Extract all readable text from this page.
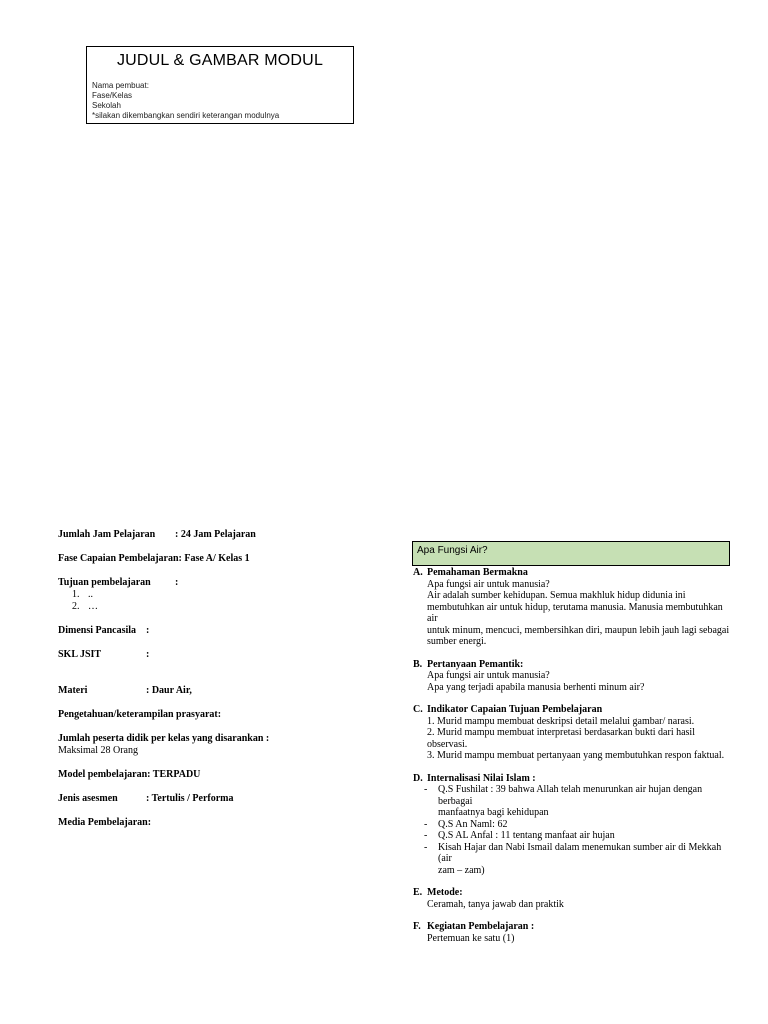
JUDUL & GAMBAR MODUL
Nama pembuat:
Fase/Kelas
Sekolah
*silakan dikembangkan sendiri keterangan modulnya
Jumlah Jam Pelajaran : 24 Jam Pelajaran
Fase Capaian Pembelajaran: Fase A/ Kelas 1
Tujuan pembelajaran :
1. ..
2. …
Dimensi Pancasila :
SKL JSIT	:
Materi	: Daur Air,
Pengetahuan/keterampilan prasyarat:
Jumlah peserta didik per kelas yang disarankan :
Maksimal 28 Orang
Model pembelajaran: TERPADU
Jenis asesmen	: Tertulis / Performa
Media Pembelajaran:
Apa Fungsi Air?
A. Pemahaman Bermakna
Apa fungsi air untuk manusia?
Air adalah sumber kehidupan. Semua makhluk hidup didunia ini
membutuhkan air untuk hidup, terutama manusia. Manusia membutuhkan air
untuk minum, mencuci, membersihkan diri, maupun lebih jauh lagi sebagai
sumber energi.
B. Pertanyaan Pemantik:
Apa fungsi air untuk manusia?
Apa yang terjadi apabila manusia berhenti minum air?
C. Indikator Capaian Tujuan Pembelajaran
1. Murid mampu membuat deskripsi detail melalui gambar/ narasi.
2. Murid mampu membuat interpretasi berdasarkan bukti dari hasil observasi.
3. Murid mampu membuat pertanyaan yang membutuhkan respon faktual.
D. Internalisasi Nilai Islam :
- Q.S Fushilat : 39 bahwa Allah telah menurunkan air hujan dengan berbagai
manfaatnya bagi kehidupan
- Q.S An Naml: 62
- Q.S AL Anfal : 11 tentang manfaat air hujan
- Kisah Hajar dan Nabi Ismail dalam menemukan sumber air di Mekkah (air
zam – zam)
E. Metode:
Ceramah, tanya jawab dan praktik
F. Kegiatan Pembelajaran :
Pertemuan ke satu (1)
